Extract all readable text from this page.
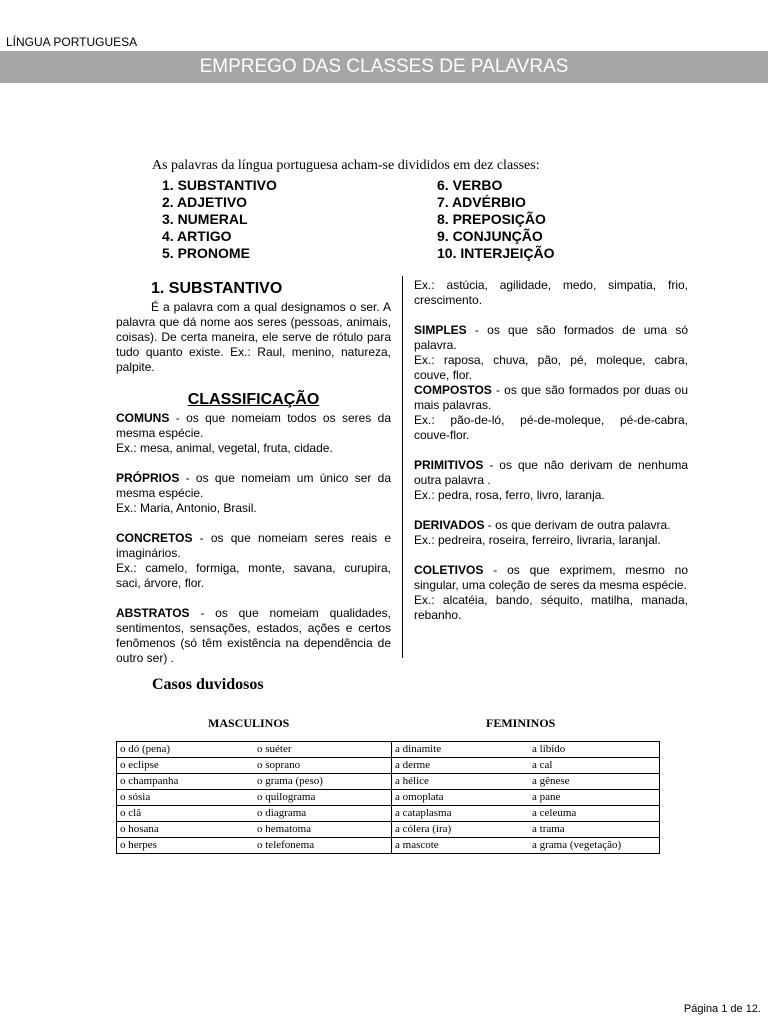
LÍNGUA PORTUGUESA
EMPREGO DAS CLASSES DE PALAVRAS
As palavras da língua portuguesa acham-se divididos em dez classes:
1. SUBSTANTIVO
2. ADJETIVO
3. NUMERAL
4. ARTIGO
5. PRONOME
6. VERBO
7. ADVÉRBIO
8. PREPOSIÇÃO
9. CONJUNÇÃO
10. INTERJEIÇÃO
1. SUBSTANTIVO
É a palavra com a qual designamos o ser. A palavra que dá nome aos seres (pessoas, animais, coisas). De certa maneira, ele serve de rótulo para tudo quanto existe. Ex.: Raul, menino, natureza, palpite.
CLASSIFICAÇÃO
COMUNS - os que nomeiam todos os seres da mesma espécie.
Ex.: mesa, animal, vegetal, fruta, cidade.
PRÓPRIOS - os que nomeiam um único ser da mesma espécie.
Ex.: Maria, Antonio, Brasil.
CONCRETOS - os que nomeiam seres reais e imaginários.
Ex.: camelo, formiga, monte, savana, curupira, saci, árvore, flor.
ABSTRATOS - os que nomeiam qualidades, sentimentos, sensações, estados, ações e certos fenômenos (só têm existência na dependência de outro ser) .
Ex.: astúcia, agilidade, medo, simpatia, frio, crescimento.
SIMPLES - os que são formados de uma só palavra.
Ex.: raposa, chuva, pão, pé, moleque, cabra, couve, flor.
COMPOSTOS - os que são formados por duas ou mais palavras.
Ex.: pão-de-ló, pé-de-moleque, pé-de-cabra, couve-flor.
PRIMITIVOS - os que não derivam de nenhuma outra palavra .
Ex.: pedra, rosa, ferro, livro, laranja.
DERIVADOS - os que derivam de outra palavra.
Ex.: pedreira, roseira, ferreiro, livraria, laranjal.
COLETIVOS - os que exprimem, mesmo no singular, uma coleção de seres da mesma espécie.
Ex.: alcatéia, bando, séquito, matilha, manada, rebanho.
Casos duvidosos
MASCULINOS	FEMININOS
o dó (pena)	o suéter	a dinamite	a libido
o eclipse	o soprano	a derme	a cal
o champanha	o grama (peso)	a hélice	a gênese
o sósia	o quilograma	a omoplata	a pane
o clã	o diagrama	a cataplasma	a celeuma
o hosana	o hematoma	a cólera (ira)	a trama
o herpes	o telefonema	a mascote	a grama (vegetação)
Página 1 de 12.
